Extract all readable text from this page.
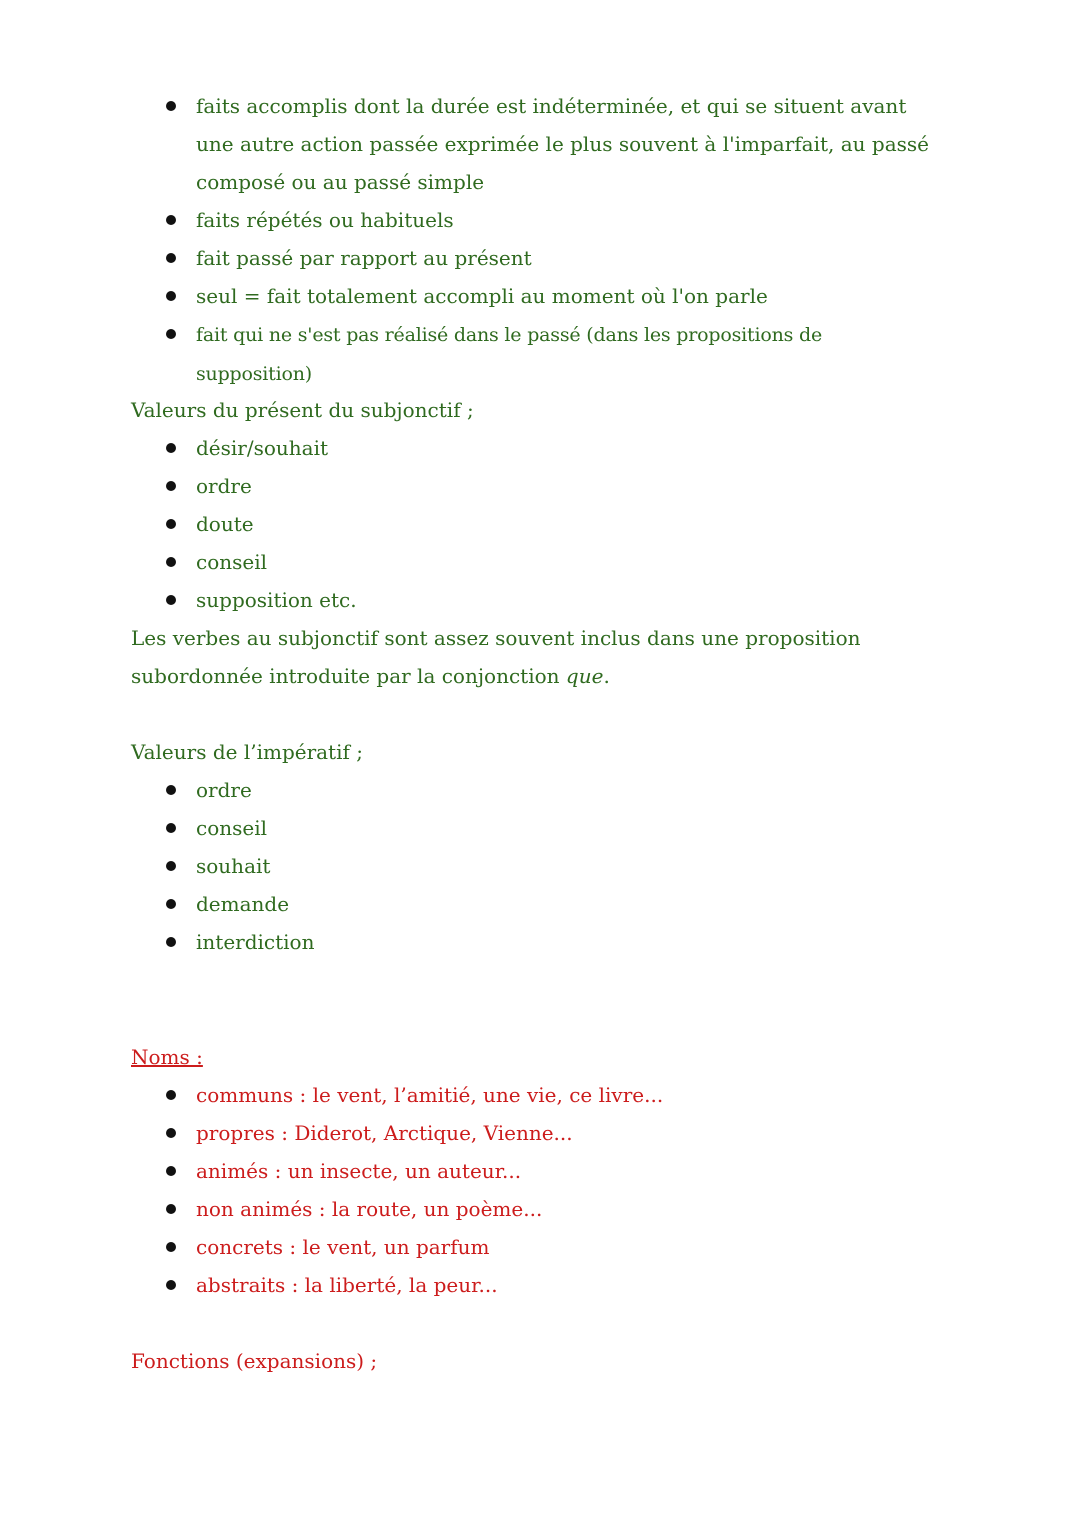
faits accomplis dont la durée est indéterminée, et qui se situent avant une autre action passée exprimée le plus souvent à l'imparfait, au passé composé ou au passé simple
faits répétés ou habituels
fait passé par rapport au présent
seul = fait totalement accompli au moment où l'on parle
fait qui ne s'est pas réalisé dans le passé (dans les propositions de supposition)
Valeurs du présent du subjonctif ;
désir/souhait
ordre
doute
conseil
supposition etc.
Les verbes au subjonctif sont assez souvent inclus dans une proposition subordonnée introduite par la conjonction que.
Valeurs de l’impératif ;
ordre
conseil
souhait
demande
interdiction
Noms :
communs : le vent, l’amitié, une vie, ce livre...
propres : Diderot, Arctique, Vienne...
animés : un insecte, un auteur...
non animés : la route, un poème...
concrets : le vent, un parfum
abstraits : la liberté, la peur...
Fonctions (expansions) ;
